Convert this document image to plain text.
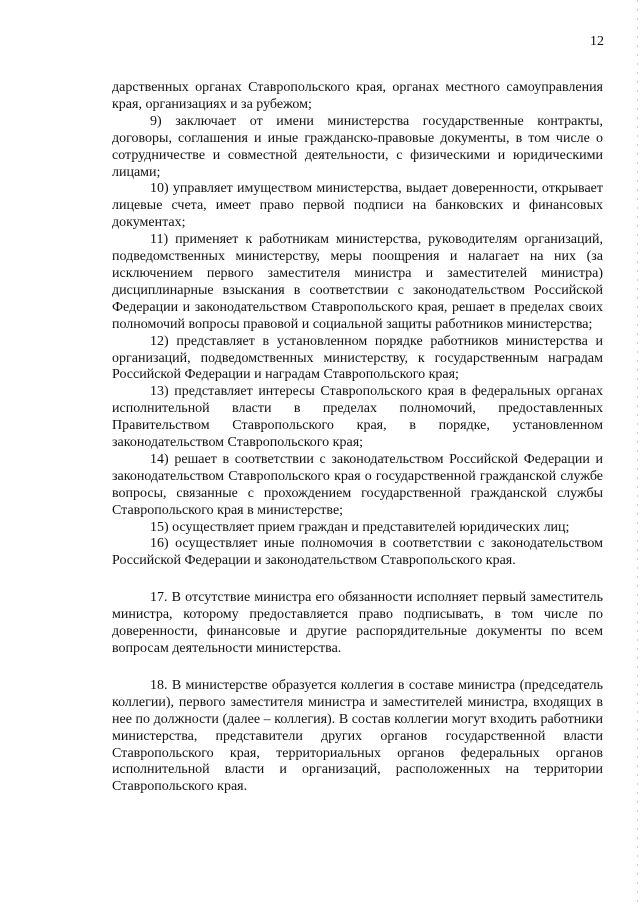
12

дарственных органах Ставропольского края, органах местного самоуправления края, организациях и за рубежом;

9) заключает от имени министерства государственные контракты, договоры, соглашения и иные гражданско-правовые документы, в том числе о сотрудничестве и совместной деятельности, с физическими и юридическими лицами;

10) управляет имуществом министерства, выдает доверенности, открывает лицевые счета, имеет право первой подписи на банковских и финансовых документах;

11) применяет к работникам министерства, руководителям организаций, подведомственных министерству, меры поощрения и налагает на них (за исключением первого заместителя министра и заместителей министра) дисциплинарные взыскания в соответствии с законодательством Российской Федерации и законодательством Ставропольского края, решает в пределах своих полномочий вопросы правовой и социальной защиты работников министерства;

12) представляет в установленном порядке работников министерства и организаций, подведомственных министерству, к государственным наградам Российской Федерации и наградам Ставропольского края;

13) представляет интересы Ставропольского края в федеральных органах исполнительной власти в пределах полномочий, предоставленных Правительством Ставропольского края, в порядке, установленном законодательством Ставропольского края;

14) решает в соответствии с законодательством Российской Федерации и законодательством Ставропольского края о государственной гражданской службе вопросы, связанные с прохождением государственной гражданской службы Ставропольского края в министерстве;

15) осуществляет прием граждан и представителей юридических лиц;

16) осуществляет иные полномочия в соответствии с законодательством Российской Федерации и законодательством Ставропольского края.

17. В отсутствие министра его обязанности исполняет первый заместитель министра, которому предоставляется право подписывать, в том числе по доверенности, финансовые и другие распорядительные документы по всем вопросам деятельности министерства.

18. В министерстве образуется коллегия в составе министра (председатель коллегии), первого заместителя министра и заместителей министра, входящих в нее по должности (далее – коллегия). В состав коллегии могут входить работники министерства, представители других органов государственной власти Ставропольского края, территориальных органов федеральных органов исполнительной власти и организаций, расположенных на территории Ставропольского края.
